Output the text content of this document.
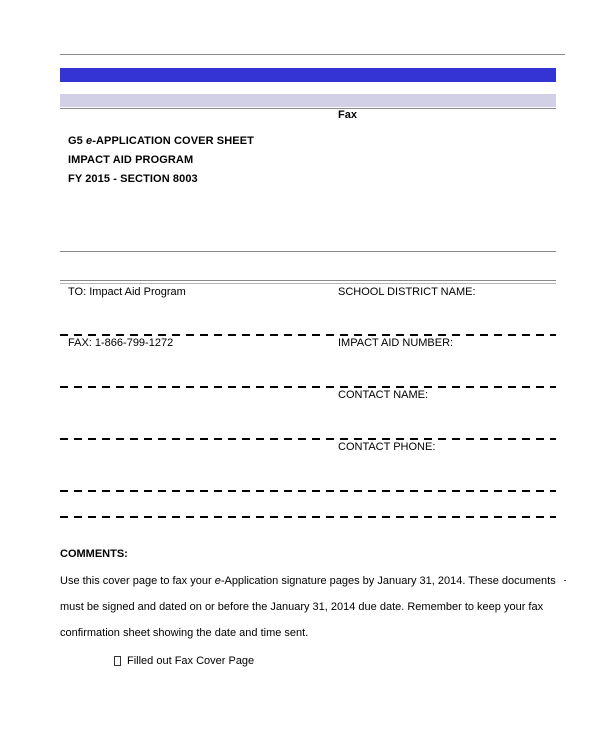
Fax
G5 e-APPLICATION COVER SHEET
IMPACT AID PROGRAM
FY 2015 - SECTION 8003
TO: Impact Aid Program	SCHOOL DISTRICT NAME:
FAX: 1-866-799-1272	IMPACT AID NUMBER:
CONTACT NAME:
CONTACT PHONE:
COMMENTS:
Use this cover page to fax your e-Application signature pages by January 31, 2014. These documents must be signed and dated on or before the January 31, 2014 due date. Remember to keep your fax confirmation sheet showing the date and time sent.
Filled out Fax Cover Page
